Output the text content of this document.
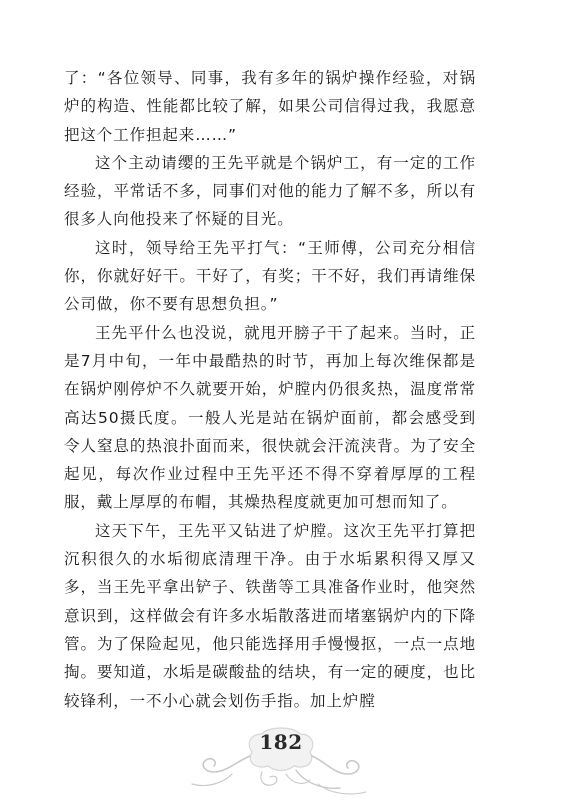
了：“各位领导、同事，我有多年的锅炉操作经验，对锅炉的构造、性能都比较了解，如果公司信得过我，我愿意把这个工作担起来……”

这个主动请缨的王先平就是个锅炉工，有一定的工作经验，平常话不多，同事们对他的能力了解不多，所以有很多人向他投来了怀疑的目光。

这时，领导给王先平打气：“王师傅，公司充分相信你，你就好好干。干好了，有奖；干不好，我们再请维保公司做，你不要有思想负担。”

王先平什么也没说，就甩开膀子干了起来。当时，正是7月中旬，一年中最酷热的时节，再加上每次维保都是在锅炉刚停炉不久就要开始，炉膛内仍很炙热，温度常常高达50摄氏度。一般人光是站在锅炉面前，都会感受到令人窒息的热浪扑面而来，很快就会汗流浃背。为了安全起见，每次作业过程中王先平还不得不穿着厚厚的工程服，戴上厚厚的布帽，其燥热程度就更加可想而知了。

这天下午，王先平又钻进了炉膛。这次王先平打算把沉积很久的水垢彻底清理干净。由于水垢累积得又厚又多，当王先平拿出铲子、铁凿等工具准备作业时，他突然意识到，这样做会有许多水垢散落进而堵塞锅炉内的下降管。为了保险起见，他只能选择用手慢慢抠，一点一点地掏。要知道，水垢是碳酸盐的结块，有一定的硬度，也比较锋利，一不小心就会划伤手指。加上炉膛

182
